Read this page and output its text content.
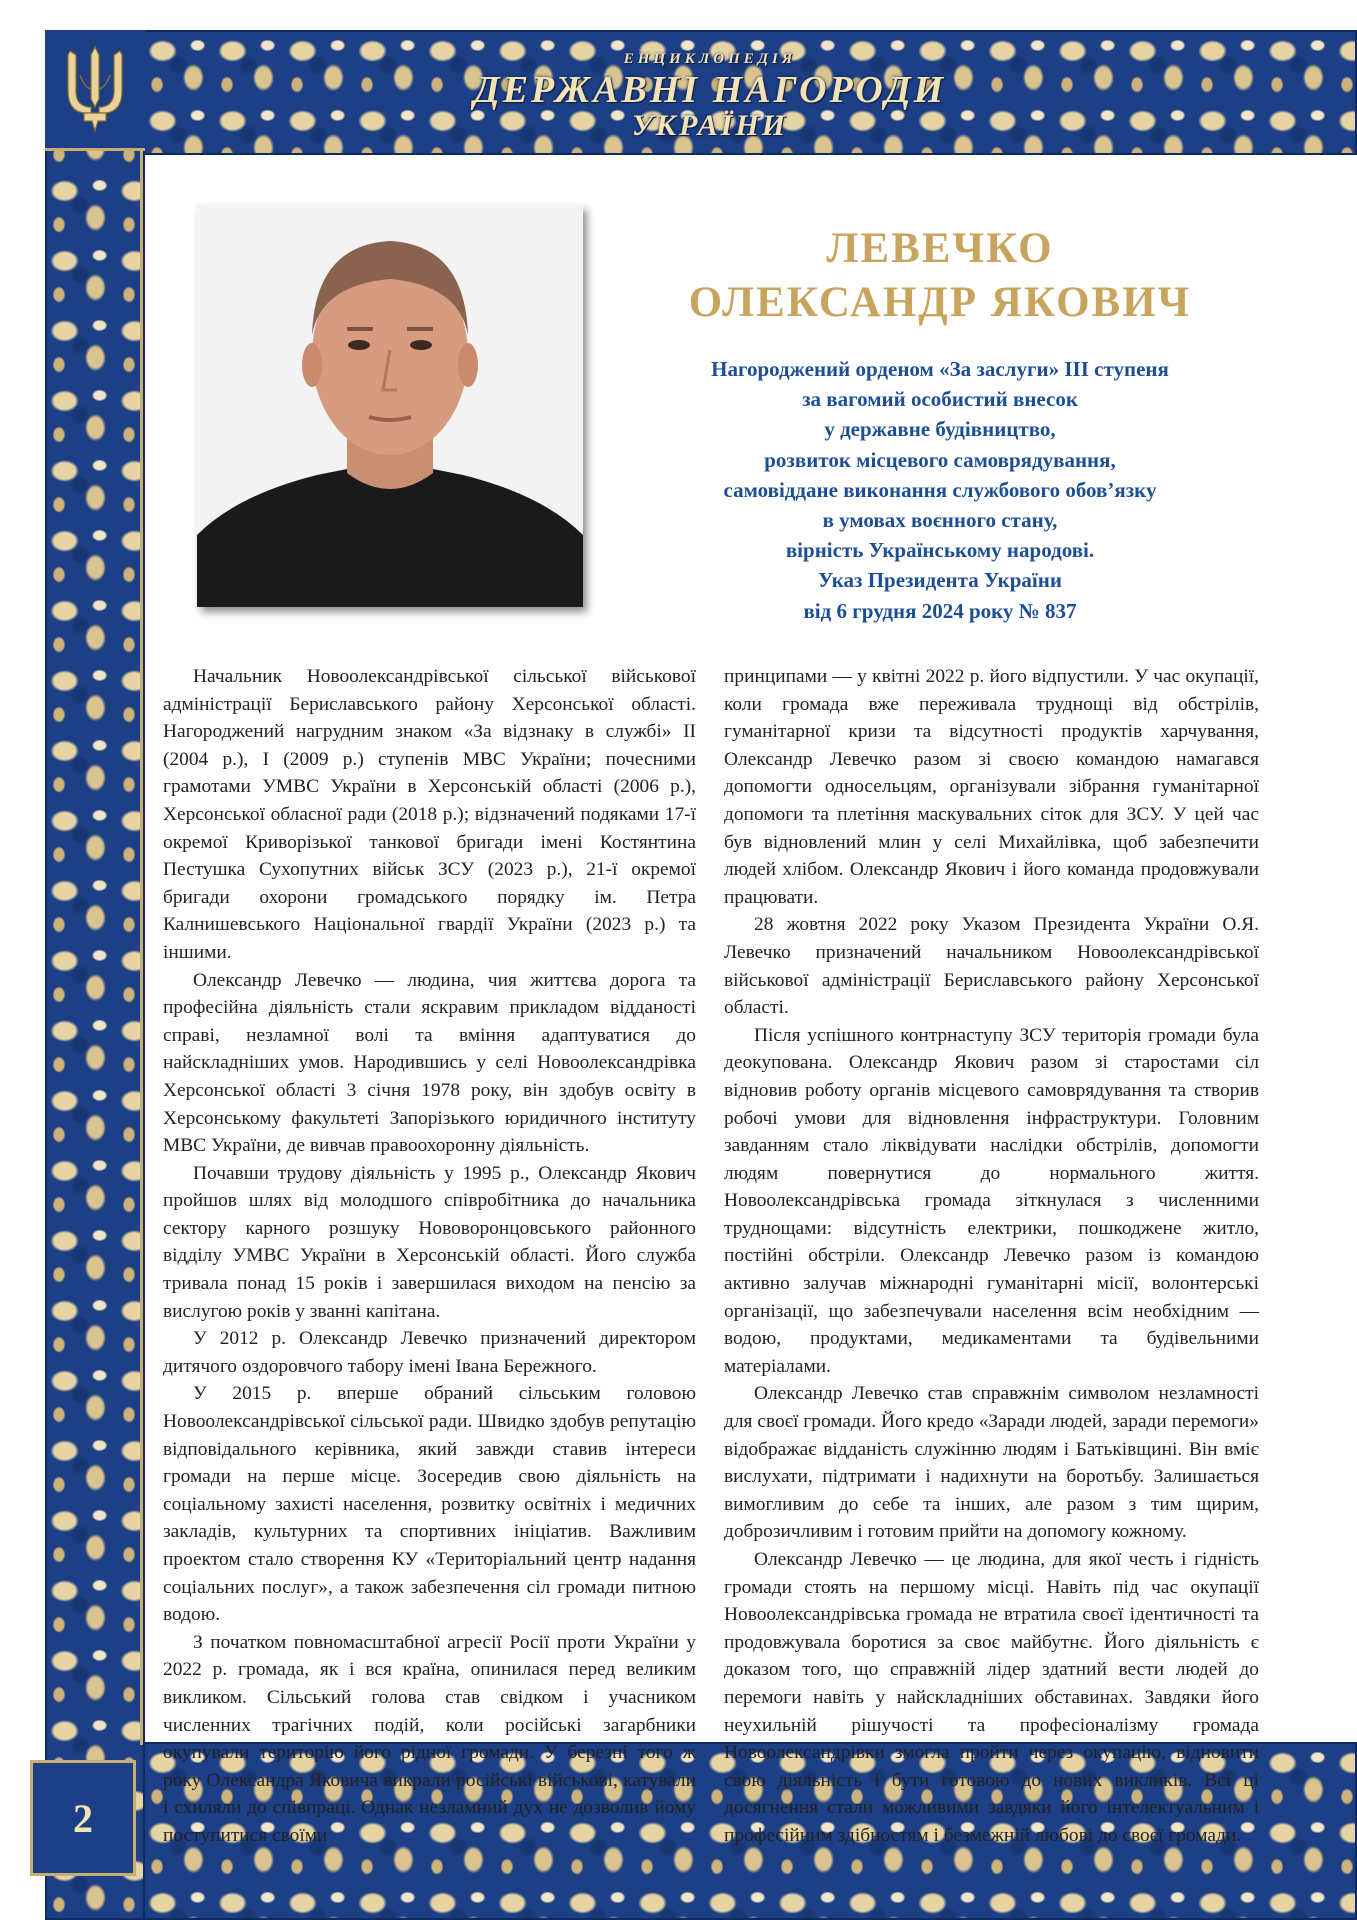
ЕНЦИКЛОПЕДІЯ
ДЕРЖАВНІ НАГОРОДИ
УКРАЇНИ

ЛЕВЕЧКО

ОЛЕКСАНДР ЯКОВИЧ

Нагороджений орденом «За заслуги» ІІІ ступеня

за вагомий особистий внесок

у державне будівництво,

розвиток місцевого самоврядування,

самовіддане виконання службового обов’язку

в умовах воєнного стану,

вірність Українському народові.

Указ Президента України

від 6 грудня 2024 року № 837

Начальник Новоолександрівської сільської військової адміністрації Бериславського району Херсонської області. Нагороджений нагрудним знаком «За відзнаку в службі» ІІ (2004 р.), І (2009 р.) ступенів МВС України; почесними грамотами УМВС України в Херсонській області (2006 р.), Херсонської обласної ради (2018 р.); відзначений подяками 17-ї окремої Криворізької танкової бригади імені Костянтина Пестушка Сухопутних військ ЗСУ (2023 р.), 21-ї окремої бригади охорони громадського порядку ім. Петра Калнишевського Національної гвардії України (2023 р.) та іншими.

Олександр Левечко — людина, чия життєва дорога та професійна діяльність стали яскравим прикладом відданості справі, незламної волі та вміння адаптуватися до найскладніших умов. Народившись у селі Новоолександрівка Херсонської області 3 січня 1978 року, він здобув освіту в Херсонському факультеті Запорізького юридичного інституту МВС України, де вивчав правоохоронну діяльність.

Почавши трудову діяльність у 1995 р., Олександр Якович пройшов шлях від молодшого співробітника до начальника сектору карного розшуку Нововоронцовського районного відділу УМВС України в Херсонській області. Його служба тривала понад 15 років і завершилася виходом на пенсію за вислугою років у званні капітана.

У 2012 р. Олександр Левечко призначений директором дитячого оздоровчого табору імені Івана Бережного.

У 2015 р. вперше обраний сільським головою Новоолександрівської сільської ради. Швидко здобув репутацію відповідального керівника, який завжди ставив інтереси громади на перше місце. Зосередив свою діяльність на соціальному захисті населення, розвитку освітніх і медичних закладів, культурних та спортивних ініціатив. Важливим проектом стало створення КУ «Територіальний центр надання соціальних послуг», а також забезпечення сіл громади питною водою.

З початком повномасштабної агресії Росії проти України у 2022 р. громада, як і вся країна, опинилася перед великим викликом. Сільський голова став свідком і учасником численних трагічних подій, коли російські загарбники окупували територію його рідної громади. У березні того ж року Олександра Яковича викрали російські військові, катували і схиляли до співпраці. Однак незламний дух не дозволив йому поступитися своїми

принципами — у квітні 2022 р. його відпустили. У час окупації, коли громада вже переживала труднощі від обстрілів, гуманітарної кризи та відсутності продуктів харчування, Олександр Левечко разом зі своєю командою намагався допомогти односельцям, організували зібрання гуманітарної допомоги та плетіння маскувальних сіток для ЗСУ. У цей час був відновлений млин у селі Михайлівка, щоб забезпечити людей хлібом. Олександр Якович і його команда продовжували працювати.

28 жовтня 2022 року Указом Президента України О.Я. Левечко призначений начальником Новоолександрівської військової адміністрації Бериславського району Херсонської області.

Після успішного контрнаступу ЗСУ територія громади була деокупована. Олександр Якович разом зі старостами сіл відновив роботу органів місцевого самоврядування та створив робочі умови для відновлення інфраструктури. Головним завданням стало ліквідувати наслідки обстрілів, допомогти людям повернутися до нормального життя. Новоолександрівська громада зіткнулася з численними труднощами: відсутність електрики, пошкоджене житло, постійні обстріли. Олександр Левечко разом із командою активно залучав міжнародні гуманітарні місії, волонтерські організації, що забезпечували населення всім необхідним — водою, продуктами, медикаментами та будівельними матеріалами.

Олександр Левечко став справжнім символом незламності для своєї громади. Його кредо «Заради людей, заради перемоги» відображає відданість служінню людям і Батьківщині. Він вміє вислухати, підтримати і надихнути на боротьбу. Залишається вимогливим до себе та інших, але разом з тим щирим, доброзичливим і готовим прийти на допомогу кожному.

Олександр Левечко — це людина, для якої честь і гідність громади стоять на першому місці. Навіть під час окупації Новоолександрівська громада не втратила своєї ідентичності та продовжувала боротися за своє майбутнє. Його діяльність є доказом того, що справжній лідер здатний вести людей до перемоги навіть у найскладніших обставинах. Завдяки його неухильній рішучості та професіоналізму громада Новоолександрівки змогла пройти через окупацію, відновити свою діяльність і бути готовою до нових викликів. Всі ці досягнення стали можливими завдяки його інтелектуальним і професійним здібностям і безмежній любові до своєї громади.

2
